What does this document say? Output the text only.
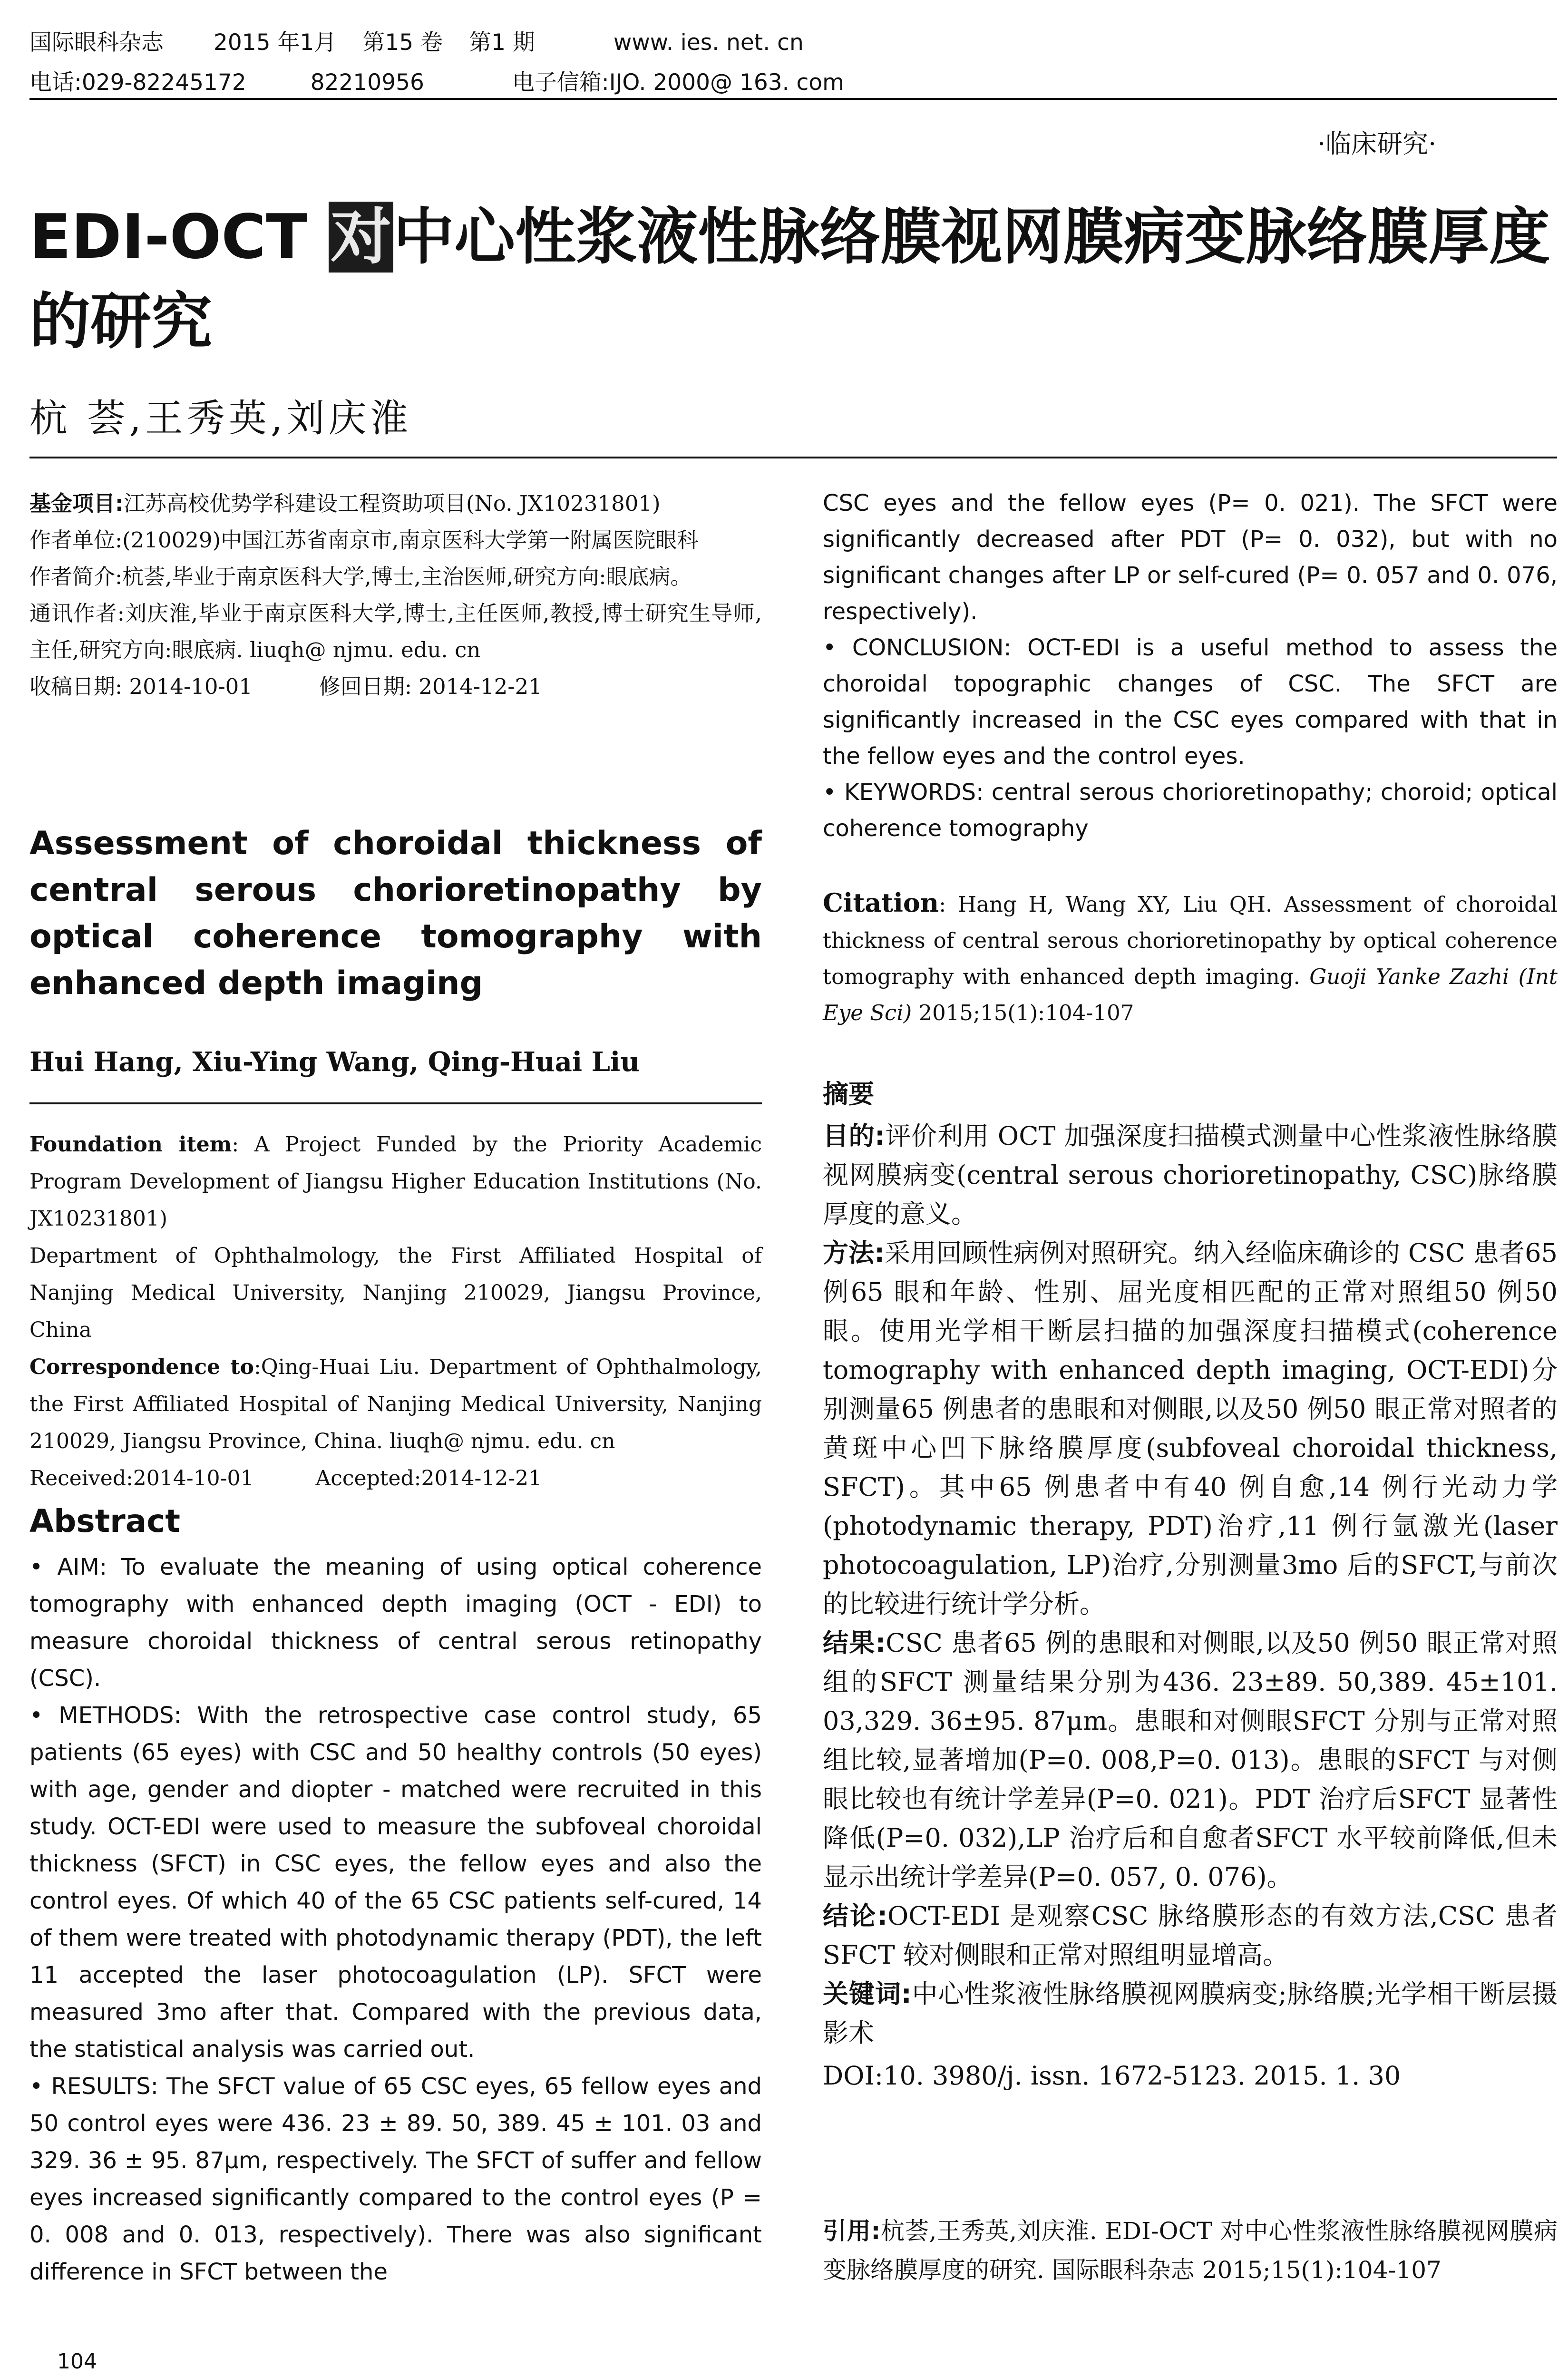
国际眼科杂志 2015 年1月 第15 卷 第1 期	www. ies. net. cn
电话:029-82245172	82210956	电子信箱:IJO. 2000@ 163. com
·临床研究·
EDI-OCT 对中心性浆液性脉络膜视网膜病变脉络膜厚度的研究
杭 荟,王秀英,刘庆淮

基金项目:江苏高校优势学科建设工程资助项目(No. JX10231801)

作者单位:(210029)中国江苏省南京市,南京医科大学第一附属医院眼科

作者简介:杭荟,毕业于南京医科大学,博士,主治医师,研究方向:眼底病。

通讯作者:刘庆淮,毕业于南京医科大学,博士,主任医师,教授,博士研究生导师,主任,研究方向:眼底病. liuqh@ njmu. edu. cn

收稿日期: 2014-10-01	修回日期: 2014-12-21

Assessment of choroidal thickness of central serous chorioretinopathy by optical coherence tomography with enhanced depth imaging
Hui Hang, Xiu-Ying Wang, Qing-Huai Liu

Foundation item: A Project Funded by the Priority Academic Program Development of Jiangsu Higher Education Institutions (No. JX10231801)

Department of Ophthalmology, the First Affiliated Hospital of Nanjing Medical University, Nanjing 210029, Jiangsu Province, China

Correspondence to:Qing-Huai Liu. Department of Ophthalmology, the First Affiliated Hospital of Nanjing Medical University, Nanjing 210029, Jiangsu Province, China. liuqh@ njmu. edu. cn

Received:2014-10-01	Accepted:2014-12-21

Abstract

• AIM: To evaluate the meaning of using optical coherence tomography with enhanced depth imaging (OCT - EDI) to measure choroidal thickness of central serous retinopathy (CSC).

• METHODS: With the retrospective case control study, 65 patients (65 eyes) with CSC and 50 healthy controls (50 eyes) with age, gender and diopter - matched were recruited in this study. OCT-EDI were used to measure the subfoveal choroidal thickness (SFCT) in CSC eyes, the fellow eyes and also the control eyes. Of which 40 of the 65 CSC patients self-cured, 14 of them were treated with photodynamic therapy (PDT), the left 11 accepted the laser photocoagulation (LP). SFCT were measured 3mo after that. Compared with the previous data, the statistical analysis was carried out.

• RESULTS: The SFCT value of 65 CSC eyes, 65 fellow eyes and 50 control eyes were 436. 23 ± 89. 50, 389. 45 ± 101. 03 and 329. 36 ± 95. 87μm, respectively. The SFCT of suffer and fellow eyes increased significantly compared to the control eyes (P = 0. 008 and 0. 013, respectively). There was also significant difference in SFCT between the

104

CSC eyes and the fellow eyes (P= 0. 021). The SFCT were significantly decreased after PDT (P= 0. 032), but with no significant changes after LP or self-cured (P= 0. 057 and 0. 076, respectively).

• CONCLUSION: OCT-EDI is a useful method to assess the choroidal topographic changes of CSC. The SFCT are significantly increased in the CSC eyes compared with that in the fellow eyes and the control eyes.

• KEYWORDS: central serous chorioretinopathy; choroid; optical coherence tomography

Citation: Hang H, Wang XY, Liu QH. Assessment of choroidal thickness of central serous chorioretinopathy by optical coherence tomography with enhanced depth imaging. Guoji Yanke Zazhi (Int Eye Sci) 2015;15(1):104-107

摘要

目的:评价利用 OCT 加强深度扫描模式测量中心性浆液性脉络膜视网膜病变(central serous chorioretinopathy, CSC)脉络膜厚度的意义。

方法:采用回顾性病例对照研究。纳入经临床确诊的 CSC 患者65 例65 眼和年龄、性别、屈光度相匹配的正常对照组50 例50 眼。使用光学相干断层扫描的加强深度扫描模式(coherence tomography with enhanced depth imaging, OCT-EDI)分别测量65 例患者的患眼和对侧眼,以及50 例50 眼正常对照者的黄斑中心凹下脉络膜厚度(subfoveal choroidal thickness, SFCT)。其中65 例患者中有40 例自愈,14 例行光动力学(photodynamic therapy, PDT)治疗,11 例行氩激光(laser photocoagulation, LP)治疗,分别测量3mo 后的SFCT,与前次的比较进行统计学分析。

结果:CSC 患者65 例的患眼和对侧眼,以及50 例50 眼正常对照组的SFCT 测量结果分别为436. 23±89. 50,389. 45±101. 03,329. 36±95. 87μm。患眼和对侧眼SFCT 分别与正常对照组比较,显著增加(P=0. 008,P=0. 013)。患眼的SFCT 与对侧眼比较也有统计学差异(P=0. 021)。PDT 治疗后SFCT 显著性降低(P=0. 032),LP 治疗后和自愈者SFCT 水平较前降低,但未显示出统计学差异(P=0. 057, 0. 076)。

结论:OCT-EDI 是观察CSC 脉络膜形态的有效方法,CSC 患者SFCT 较对侧眼和正常对照组明显增高。

关键词:中心性浆液性脉络膜视网膜病变;脉络膜;光学相干断层摄影术

DOI:10. 3980/j. issn. 1672-5123. 2015. 1. 30

引用:杭荟,王秀英,刘庆淮. EDI-OCT 对中心性浆液性脉络膜视网膜病变脉络膜厚度的研究. 国际眼科杂志 2015;15(1):104-107
